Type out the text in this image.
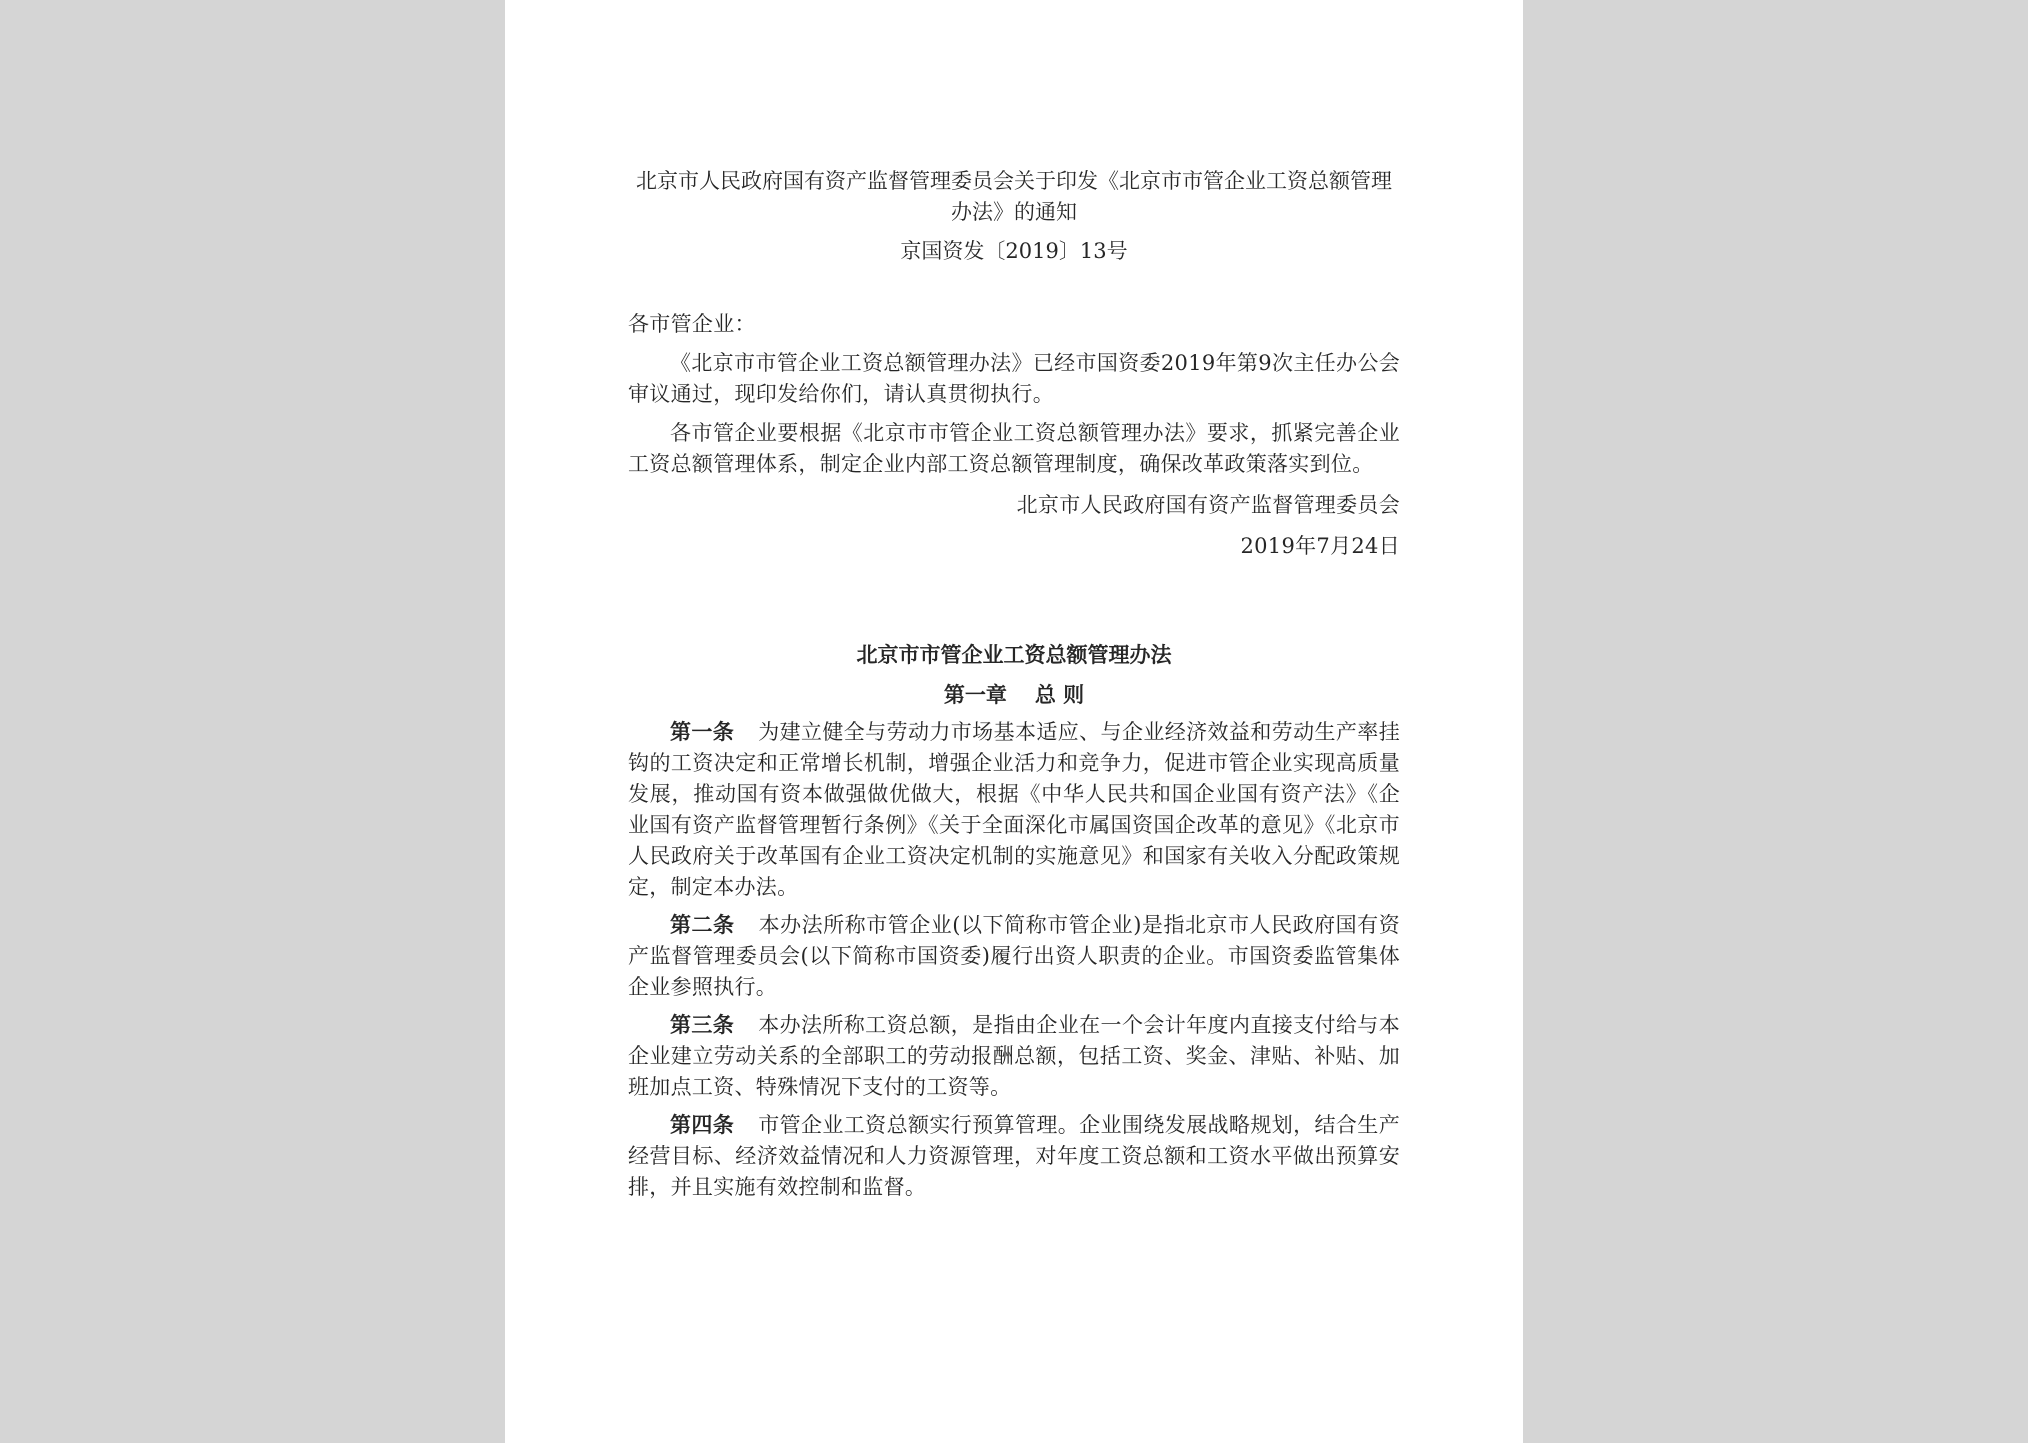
北京市人民政府国有资产监督管理委员会关于印发《北京市市管企业工资总额管理办法》的通知
京国资发〔2019〕13号
各市管企业：
《北京市市管企业工资总额管理办法》已经市国资委2019年第9次主任办公会审议通过，现印发给你们，请认真贯彻执行。
各市管企业要根据《北京市市管企业工资总额管理办法》要求，抓紧完善企业工资总额管理体系，制定企业内部工资总额管理制度，确保改革政策落实到位。
北京市人民政府国有资产监督管理委员会
2019年7月24日
北京市市管企业工资总额管理办法
第一章 总 则
第一条 为建立健全与劳动力市场基本适应、与企业经济效益和劳动生产率挂钩的工资决定和正常增长机制，增强企业活力和竞争力，促进市管企业实现高质量发展，推动国有资本做强做优做大，根据《中华人民共和国企业国有资产法》《企业国有资产监督管理暂行条例》《关于全面深化市属国资国企改革的意见》《北京市人民政府关于改革国有企业工资决定机制的实施意见》和国家有关收入分配政策规定，制定本办法。
第二条 本办法所称市管企业(以下简称市管企业)是指北京市人民政府国有资产监督管理委员会(以下简称市国资委)履行出资人职责的企业。市国资委监管集体企业参照执行。
第三条 本办法所称工资总额，是指由企业在一个会计年度内直接支付给与本企业建立劳动关系的全部职工的劳动报酬总额，包括工资、奖金、津贴、补贴、加班加点工资、特殊情况下支付的工资等。
第四条 市管企业工资总额实行预算管理。企业围绕发展战略规划，结合生产经营目标、经济效益情况和人力资源管理，对年度工资总额和工资水平做出预算安排，并且实施有效控制和监督。
